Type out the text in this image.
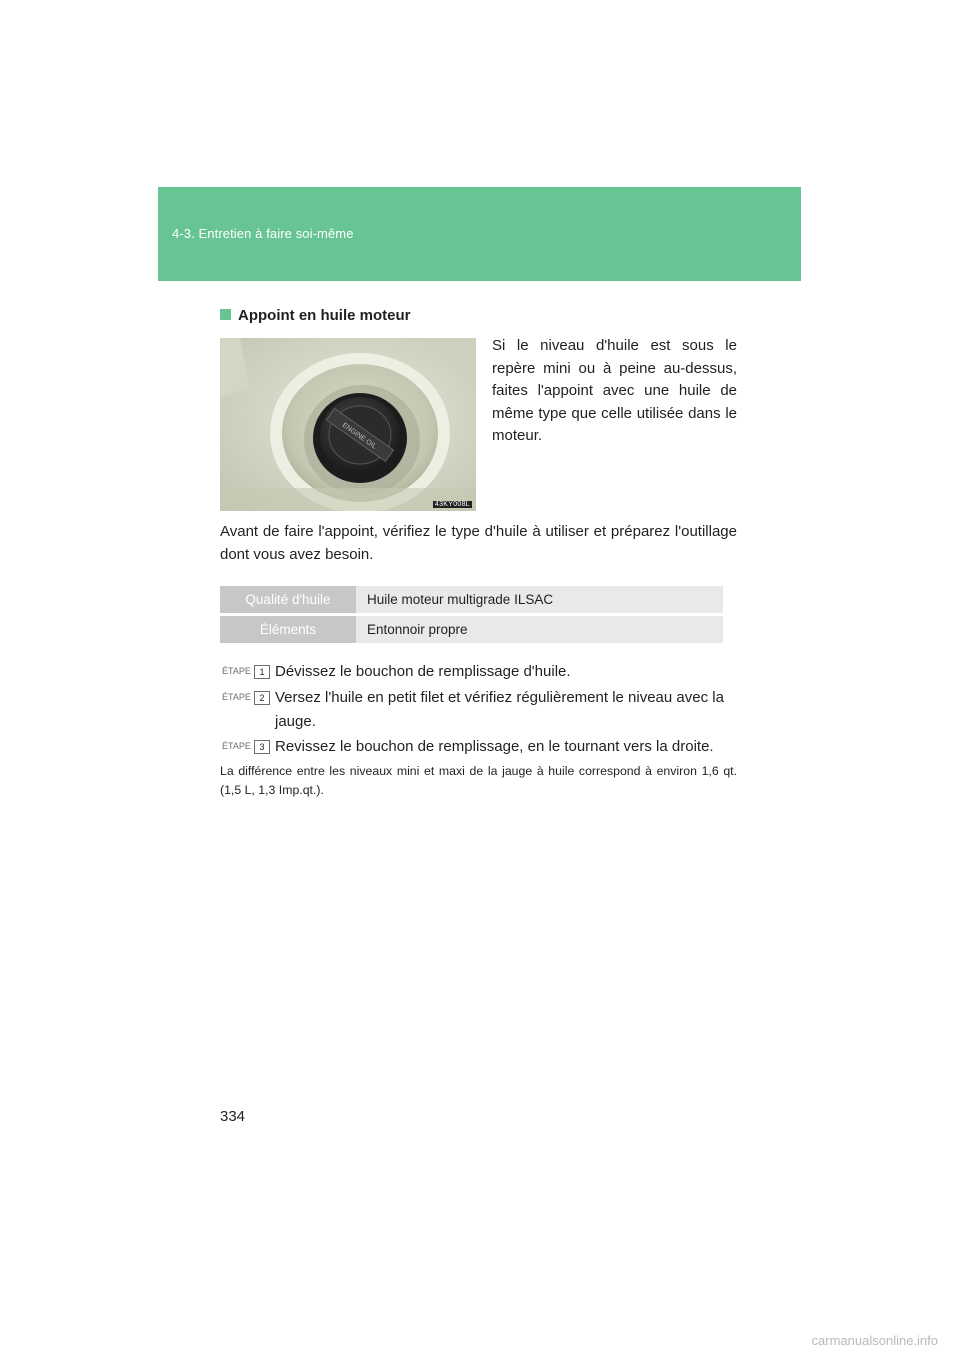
4-3. Entretien à faire soi-même
Appoint en huile moteur
ENGINE OIL
43KY008L
Si le niveau d'huile est sous le repère mini ou à peine au-dessus, faites l'appoint avec une huile de même type que celle utilisée dans le moteur.
Avant de faire l'appoint, vérifiez le type d'huile à utiliser et préparez l'outillage dont vous avez besoin.
Qualité d'huile	Huile moteur multigrade ILSAC
Éléments	Entonnoir propre
ÉTAPE 1 Dévissez le bouchon de remplissage d'huile.
ÉTAPE 2 Versez l'huile en petit filet et vérifiez régulièrement le niveau avec la jauge.
ÉTAPE 3 Revissez le bouchon de remplissage, en le tournant vers la droite.
La différence entre les niveaux mini et maxi de la jauge à huile correspond à environ 1,6 qt. (1,5 L, 1,3 Imp.qt.).
334
carmanualsonline.info
